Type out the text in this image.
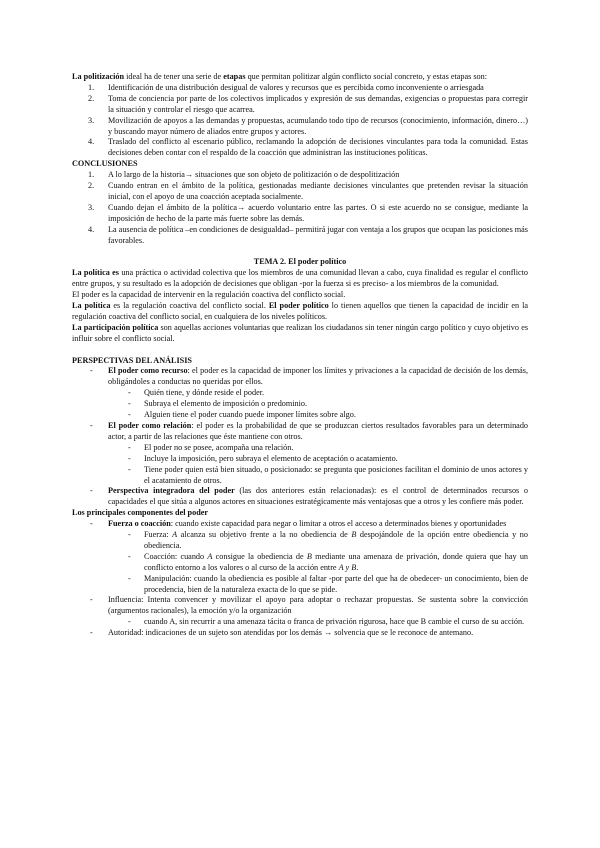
La politización ideal ha de tener una serie de etapas que permitan politizar algún conflicto social concreto, y estas etapas son:

1. Identificación de una distribución desigual de valores y recursos que es percibida como inconveniente o arriesgada
2. Toma de conciencia por parte de los colectivos implicados y expresión de sus demandas, exigencias o propuestas para corregir la situación y controlar el riesgo que acarrea.
3. Movilización de apoyos a las demandas y propuestas, acumulando todo tipo de recursos (conocimiento, información, dinero…) y buscando mayor número de aliados entre grupos y actores.
4. Traslado del conflicto al escenario público, reclamando la adopción de decisiones vinculantes para toda la comunidad. Estas decisiones deben contar con el respaldo de la coacción que administran las instituciones políticas.

CONCLUSIONES

1. A lo largo de la historia→ situaciones que son objeto de politización o de despolitización
2. Cuando entran en el ámbito de la política, gestionadas mediante decisiones vinculantes que pretenden revisar la situación inicial, con el apoyo de una coacción aceptada socialmente.
3. Cuando dejan el ámbito de la política→ acuerdo voluntario entre las partes. O si este acuerdo no se consigue, mediante la imposición de hecho de la parte más fuerte sobre las demás.
4. La ausencia de política –en condiciones de desigualdad– permitirá jugar con ventaja a los grupos que ocupan las posiciones más favorables.

TEMA 2. El poder político

La política es una práctica o actividad colectiva que los miembros de una comunidad llevan a cabo, cuya finalidad es regular el conflicto entre grupos, y su resultado es la adopción de decisiones que obligan -por la fuerza si es preciso- a los miembros de la comunidad.

El poder es la capacidad de intervenir en la regulación coactiva del conflicto social.

La política es la regulación coactiva del conflicto social. El poder político lo tienen aquellos que tienen la capacidad de incidir en la regulación coactiva del conflicto social, en cualquiera de los niveles políticos.

La participación política son aquellas acciones voluntarias que realizan los ciudadanos sin tener ningún cargo político y cuyo objetivo es influir sobre el conflicto social.

PERSPECTIVAS DEL ANÁLISIS

- El poder como recurso: el poder es la capacidad de imponer los límites y privaciones a la capacidad de decisión de los demás, obligándoles a conductas no queridas por ellos.
- Quién tiene, y dónde reside el poder.
- Subraya el elemento de imposición o predominio.
- Alguien tiene el poder cuando puede imponer límites sobre algo.
- El poder como relación: el poder es la probabilidad de que se produzcan ciertos resultados favorables para un determinado actor, a partir de las relaciones que éste mantiene con otros.
- El poder no se posee, acompaña una relación.
- Incluye la imposición, pero subraya el elemento de aceptación o acatamiento.
- Tiene poder quien está bien situado, o posicionado: se pregunta que posiciones facilitan el dominio de unos actores y el acatamiento de otros.
- Perspectiva integradora del poder (las dos anteriores están relacionadas): es el control de determinados recursos o capacidades el que sitúa a algunos actores en situaciones estratégicamente más ventajosas que a otros y les confiere más poder.

Los principales componentes del poder

- Fuerza o coacción: cuando existe capacidad para negar o limitar a otros el acceso a determinados bienes y oportunidades
- Fuerza: A alcanza su objetivo frente a la no obediencia de B despojándole de la opción entre obediencia y no obediencia.
- Coacción: cuando A consigue la obediencia de B mediante una amenaza de privación, donde quiera que hay un conflicto entorno a los valores o al curso de la acción entre A y B.
- Manipulación: cuando la obediencia es posible al faltar -por parte del que ha de obedecer- un conocimiento, bien de procedencia, bien de la naturaleza exacta de lo que se pide.
- Influencia: Intenta convencer y movilizar el apoyo para adoptar o rechazar propuestas. Se sustenta sobre la convicción (argumentos racionales), la emoción y/o la organización
- cuando A, sin recurrir a una amenaza tácita o franca de privación rigurosa, hace que B cambie el curso de su acción.
- Autoridad: indicaciones de un sujeto son atendidas por los demás → solvencia que se le reconoce de antemano.
